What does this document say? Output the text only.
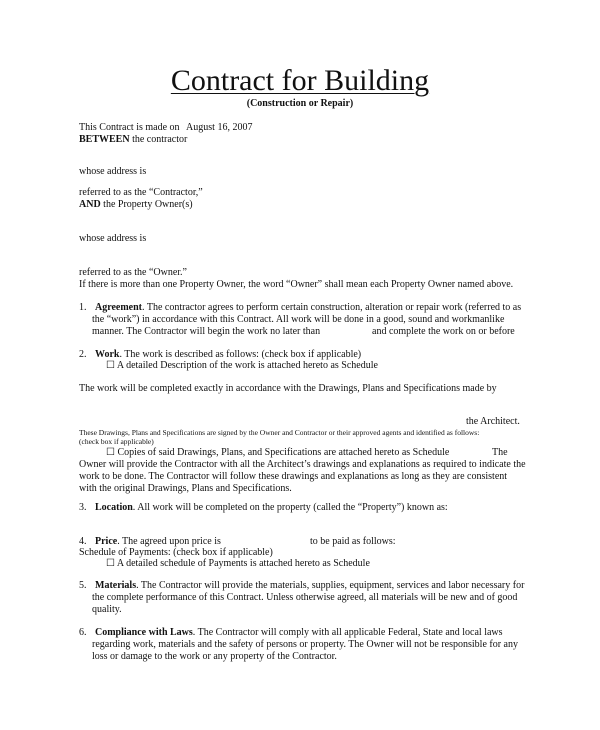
Contract for Building
(Construction or Repair)
This Contract is made on August 16, 2007
BETWEEN the contractor
whose address is
referred to as the “Contractor,”
AND the Property Owner(s)
whose address is
referred to as the “Owner.”
If there is more than one Property Owner, the word “Owner” shall mean each Property Owner named above.
1. Agreement. The contractor agrees to perform certain construction, alteration or repair work (referred to as
the “work”) in accordance with this Contract. All work will be done in a good, sound and workmanlike
manner. The Contractor will begin the work no later than	and complete the work on or before
2. Work. The work is described as follows: (check box if applicable)
☐ A detailed Description of the work is attached hereto as Schedule
The work will be completed exactly in accordance with the Drawings, Plans and Specifications made by
the Architect.
These Drawings, Plans and Specifications are signed by the Owner and Contractor or their approved agents and identified as follows:
(check box if applicable)
☐ Copies of said Drawings, Plans, and Specifications are attached hereto as Schedule	The
Owner will provide the Contractor with all the Architect’s drawings and explanations as required to indicate the
work to be done. The Contractor will follow these drawings and explanations as long as they are consistent
with the original Drawings, Plans and Specifications.
3. Location. All work will be completed on the property (called the “Property”) known as:
4. Price. The agreed upon price is	to be paid as follows:
Schedule of Payments: (check box if applicable)
☐ A detailed schedule of Payments is attached hereto as Schedule
5. Materials. The Contractor will provide the materials, supplies, equipment, services and labor necessary for
the complete performance of this Contract. Unless otherwise agreed, all materials will be new and of good
quality.
6. Compliance with Laws. The Contractor will comply with all applicable Federal, State and local laws
regarding work, materials and the safety of persons or property. The Owner will not be responsible for any
loss or damage to the work or any property of the Contractor.
